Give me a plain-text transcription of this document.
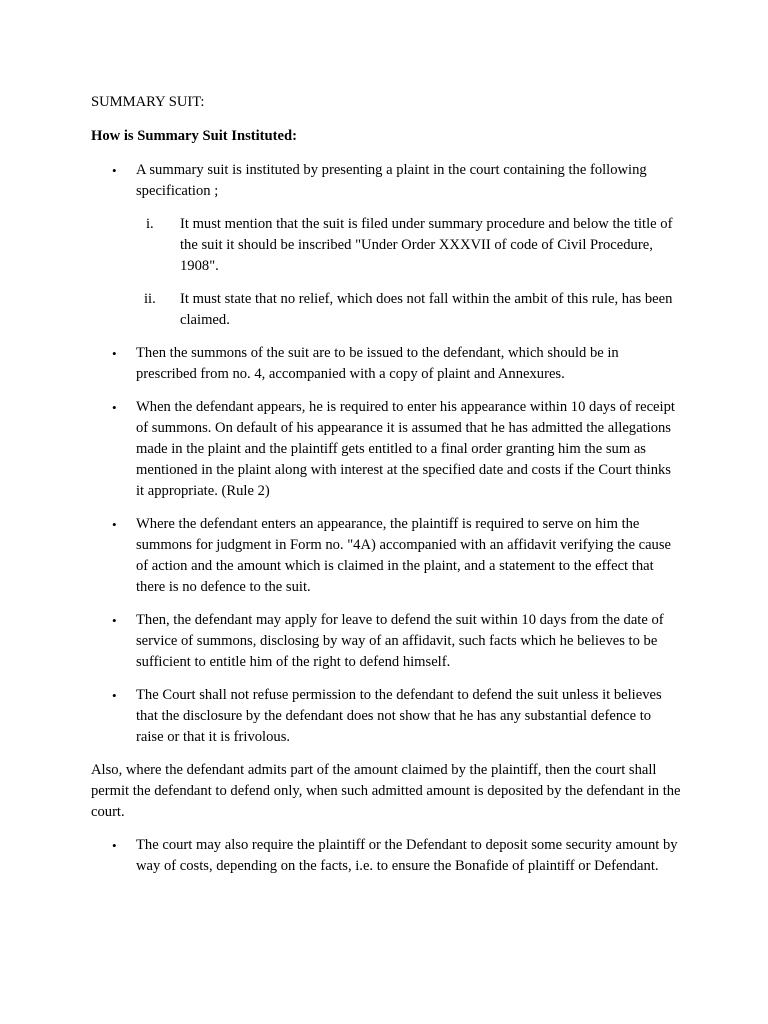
SUMMARY SUIT:

How is Summary Suit Instituted:

•	A summary suit is instituted by presenting a plaint in the court containing the following specification ;

i.	It must mention that the suit is filed under summary procedure and below the title of the suit it should be inscribed "Under Order XXXVII of code of Civil Procedure, 1908".
ii.	It must state that no relief, which does not fall within the ambit of this rule, has been claimed.
•	Then the summons of the suit are to be issued to the defendant, which should be in prescribed from no. 4, accompanied with a copy of plaint and Annexures.
•	When the defendant appears, he is required to enter his appearance within 10 days of receipt of summons. On default of his appearance it is assumed that he has admitted the allegations made in the plaint and the plaintiff gets entitled to a final order granting him the sum as mentioned in the plaint along with interest at the specified date and costs if the Court thinks it appropriate. (Rule 2)
•	Where the defendant enters an appearance, the plaintiff is required to serve on him the summons for judgment in Form no. "4A) accompanied with an affidavit verifying the cause of action and the amount which is claimed in the plaint, and a statement to the effect that there is no defence to the suit.
•	Then, the defendant may apply for leave to defend the suit within 10 days from the date of service of summons, disclosing by way of an affidavit, such facts which he believes to be sufficient to entitle him of the right to defend himself.
•	The Court shall not refuse permission to the defendant to defend the suit unless it believes that the disclosure by the defendant does not show that he has any substantial defence to raise or that it is frivolous.

Also, where the defendant admits part of the amount claimed by the plaintiff, then the court shall permit the defendant to defend only, when such admitted amount is deposited by the defendant in the court.

•	The court may also require the plaintiff or the Defendant to deposit some security amount by way of costs, depending on the facts, i.e. to ensure the Bonafide of plaintiff or Defendant.
